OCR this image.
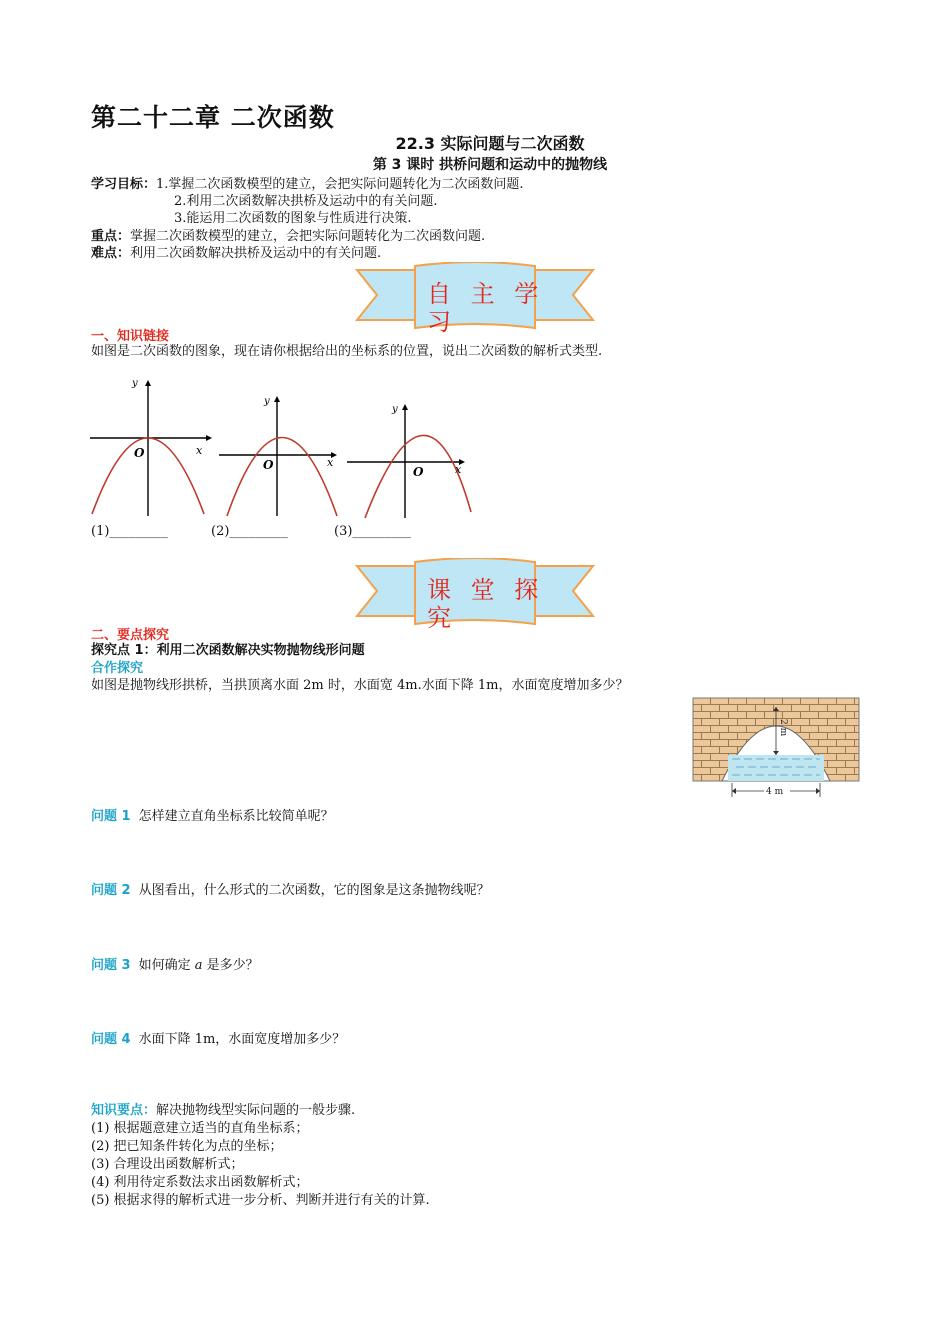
第二十二章 二次函数
22.3 实际问题与二次函数
第 3 课时 拱桥问题和运动中的抛物线
学习目标：1.掌握二次函数模型的建立，会把实际问题转化为二次函数问题.
2.利用二次函数解决拱桥及运动中的有关问题.
3.能运用二次函数的图象与性质进行决策.
重点：掌握二次函数模型的建立，会把实际问题转化为二次函数问题.
难点：利用二次函数解决拱桥及运动中的有关问题.
自 主 学
习
一、知识链接
如图是二次函数的图象，现在请你根据给出的坐标系的位置，说出二次函数的解析式类型.
y
x
O
y
x
O
y
x
O
(1)_________	(2)_________	(3)_________
课 堂 探
究
二、要点探究
探究点 1：利用二次函数解决实物抛物线形问题
合作探究
如图是抛物线形拱桥，当拱顶离水面 2m 时，水面宽 4m.水面下降 1m，水面宽度增加多少？
2 m
4 m
问题 1 怎样建立直角坐标系比较简单呢？
问题 2 从图看出，什么形式的二次函数，它的图象是这条抛物线呢？
问题 3 如何确定 a 是多少？
问题 4 水面下降 1m，水面宽度增加多少？
知识要点：解决抛物线型实际问题的一般步骤.
(1) 根据题意建立适当的直角坐标系；
(2) 把已知条件转化为点的坐标；
(3) 合理设出函数解析式；
(4) 利用待定系数法求出函数解析式；
(5) 根据求得的解析式进一步分析、判断并进行有关的计算.
